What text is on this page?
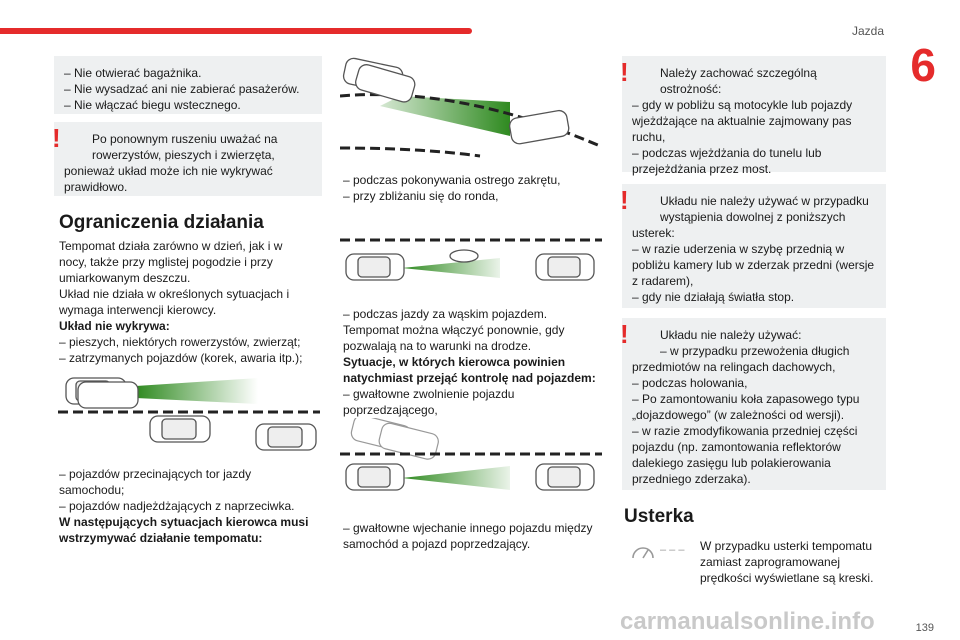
Jazda
6
139
– Nie otwierać bagażnika.
– Nie wysadzać ani nie zabierać pasażerów.
– Nie włączać biegu wstecznego.
!	Po ponownym ruszeniu uważać na
rowerzystów, pieszych i zwierzęta,
ponieważ układ może ich nie wykrywać
prawidłowo.
Ograniczenia działania
Tempomat działa zarówno w dzień, jak i w
nocy, także przy mglistej pogodzie i przy
umiarkowanym deszczu.
Układ nie działa w określonych sytuacjach i
wymaga interwencji kierowcy.
Układ nie wykrywa:
– pieszych, niektórych rowerzystów, zwierząt;
– zatrzymanych pojazdów (korek, awaria itp.);
– pojazdów przecinających tor jazdy
samochodu;
– pojazdów nadjeżdżających z naprzeciwka.
W następujących sytuacjach kierowca musi
wstrzymywać działanie tempomatu:
– podczas pokonywania ostrego zakrętu,
– przy zbliżaniu się do ronda,
– podczas jazdy za wąskim pojazdem.
Tempomat można włączyć ponownie, gdy
pozwalają na to warunki na drodze.
Sytuacje, w których kierowca powinien
natychmiast przejąć kontrolę nad pojazdem:
– gwałtowne zwolnienie pojazdu
poprzedzającego,
– gwałtowne wjechanie innego pojazdu między
samochód a pojazd poprzedzający.
!	Należy zachować szczególną
ostrożność:
– gdy w pobliżu są motocykle lub pojazdy
wjeżdżające na aktualnie zajmowany pas
ruchu,
– podczas wjeżdżania do tunelu lub
przejeżdżania przez most.
!	Układu nie należy używać w przypadku
wystąpienia dowolnej z poniższych
usterek:
– w razie uderzenia w szybę przednią w
pobliżu kamery lub w zderzak przedni (wersje
z radarem),
– gdy nie działają światła stop.
!	Układu nie należy używać:
– w przypadku przewożenia długich
przedmiotów na relingach dachowych,
– podczas holowania,
– Po zamontowaniu koła zapasowego typu
„dojazdowego” (w zależności od wersji).
– w razie zmodyfikowania przedniej części
pojazdu (np. zamontowania reflektorów
dalekiego zasięgu lub polakierowania
przedniego zderzaka).
Usterka
– – – W przypadku usterki tempomatu
zamiast zaprogramowanej
prędkości wyświetlane są kreski.
carmanualsonline.info
